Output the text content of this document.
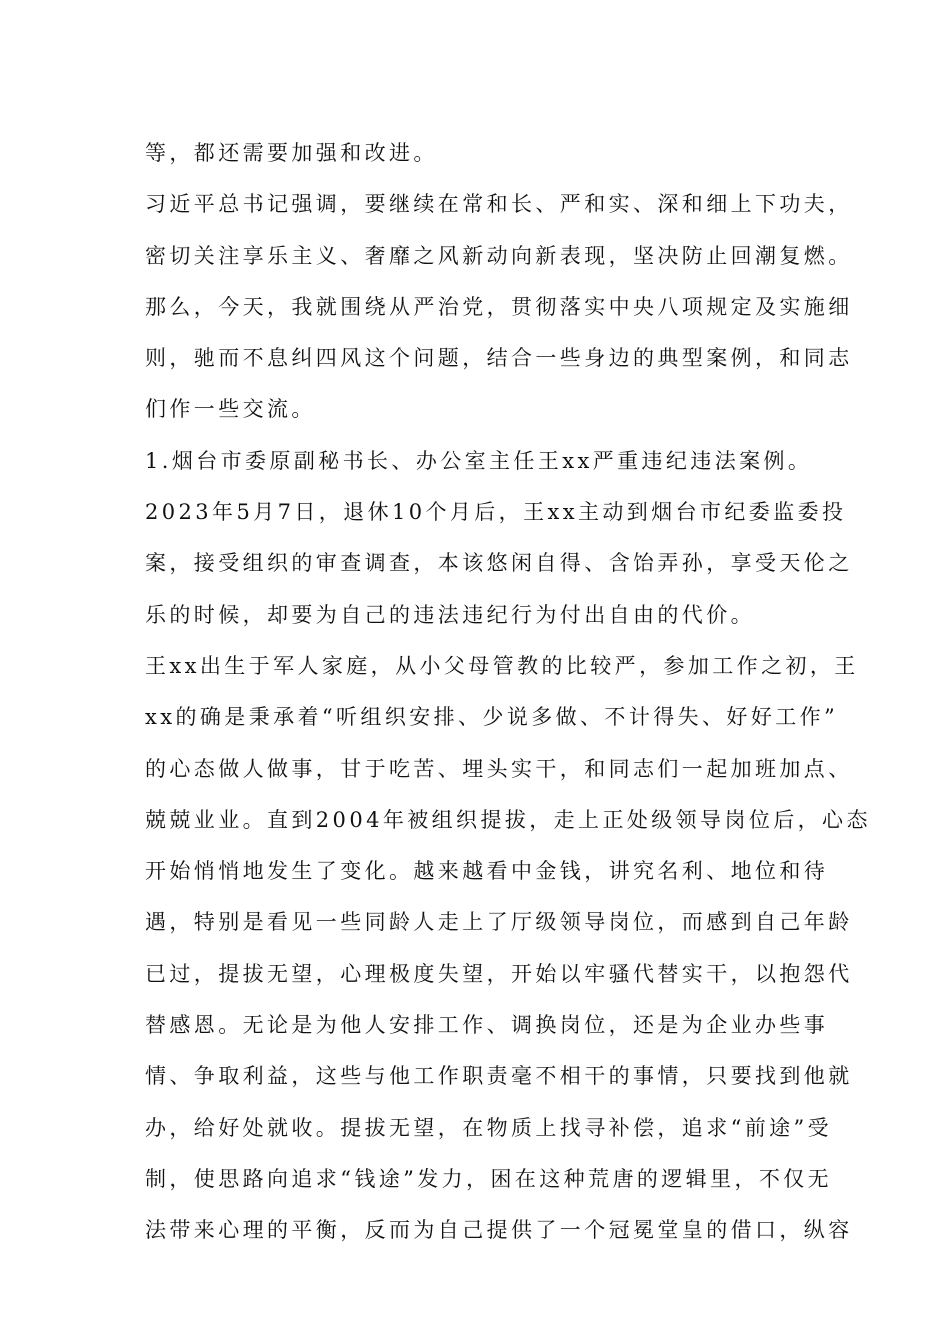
等，都还需要加强和改进。
习近平总书记强调，要继续在常和长、严和实、深和细上下功夫，
密切关注享乐主义、奢靡之风新动向新表现，坚决防止回潮复燃。
那么，今天，我就围绕从严治党，贯彻落实中央八项规定及实施细
则，驰而不息纠四风这个问题，结合一些身边的典型案例，和同志
们作一些交流。
1.烟台市委原副秘书长、办公室主任王xx严重违纪违法案例。
2023年5月7日，退休10个月后，王xx主动到烟台市纪委监委投
案，接受组织的审查调查，本该悠闲自得、含饴弄孙，享受天伦之
乐的时候，却要为自己的违法违纪行为付出自由的代价。
王xx出生于军人家庭，从小父母管教的比较严，参加工作之初，王
xx的确是秉承着“听组织安排、少说多做、不计得失、好好工作”
的心态做人做事，甘于吃苦、埋头实干，和同志们一起加班加点、
兢兢业业。直到2004年被组织提拔，走上正处级领导岗位后，心态
开始悄悄地发生了变化。越来越看中金钱，讲究名利、地位和待
遇，特别是看见一些同龄人走上了厅级领导岗位，而感到自己年龄
已过，提拔无望，心理极度失望，开始以牢骚代替实干，以抱怨代
替感恩。无论是为他人安排工作、调换岗位，还是为企业办些事
情、争取利益，这些与他工作职责毫不相干的事情，只要找到他就
办，给好处就收。提拔无望，在物质上找寻补偿，追求“前途”受
制，使思路向追求“钱途”发力，困在这种荒唐的逻辑里，不仅无
法带来心理的平衡，反而为自己提供了一个冠冕堂皇的借口，纵容
